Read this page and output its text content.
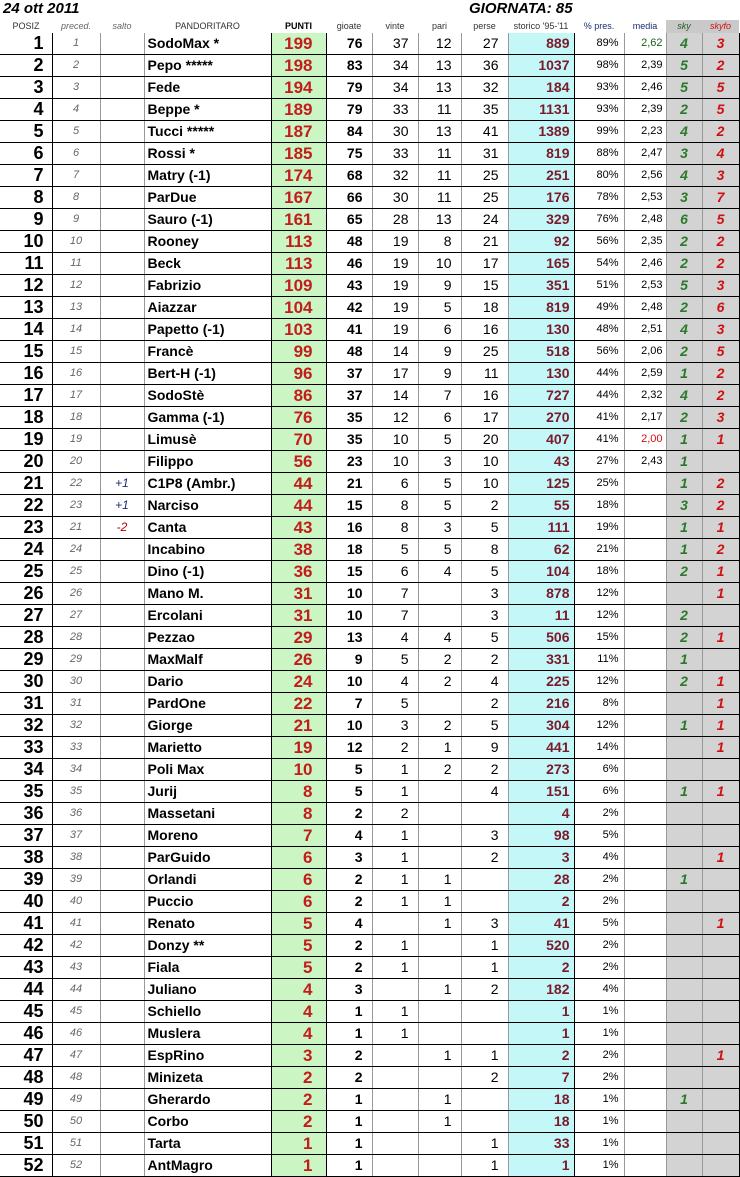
24 ott 2011	GIORNATA: 85
POSIZ	preced.	salto	PANDORITARO	PUNTI	gioate	vinte	pari	perse	storico '95-'11	% pres.	media	sky	skyfo
1	1		SodoMax *	199	76	37	12	27	889	89%	2,62	4	3
2	2		Pepo *****	198	83	34	13	36	1037	98%	2,39	5	2
3	3		Fede	194	79	34	13	32	184	93%	2,46	5	5
4	4		Beppe *	189	79	33	11	35	1131	93%	2,39	2	5
5	5		Tucci *****	187	84	30	13	41	1389	99%	2,23	4	2
6	6		Rossi *	185	75	33	11	31	819	88%	2,47	3	4
7	7		Matry (-1)	174	68	32	11	25	251	80%	2,56	4	3
8	8		ParDue	167	66	30	11	25	176	78%	2,53	3	7
9	9		Sauro (-1)	161	65	28	13	24	329	76%	2,48	6	5
10	10		Rooney	113	48	19	8	21	92	56%	2,35	2	2
11	11		Beck	113	46	19	10	17	165	54%	2,46	2	2
12	12		Fabrizio	109	43	19	9	15	351	51%	2,53	5	3
13	13		Aiazzar	104	42	19	5	18	819	49%	2,48	2	6
14	14		Papetto (-1)	103	41	19	6	16	130	48%	2,51	4	3
15	15		Francè	99	48	14	9	25	518	56%	2,06	2	5
16	16		Bert-H (-1)	96	37	17	9	11	130	44%	2,59	1	2
17	17		SodoStè	86	37	14	7	16	727	44%	2,32	4	2
18	18		Gamma (-1)	76	35	12	6	17	270	41%	2,17	2	3
19	19		Limusè	70	35	10	5	20	407	41%	2,00	1	1
20	20		Filippo	56	23	10	3	10	43	27%	2,43	1	
21	22	+1	C1P8 (Ambr.)	44	21	6	5	10	125	25%		1	2
22	23	+1	Narciso	44	15	8	5	2	55	18%		3	2
23	21	-2	Canta	43	16	8	3	5	111	19%		1	1
24	24		Incabino	38	18	5	5	8	62	21%		1	2
25	25		Dino (-1)	36	15	6	4	5	104	18%		2	1
26	26		Mano M.	31	10	7		3	878	12%			1
27	27		Ercolani	31	10	7		3	11	12%		2	
28	28		Pezzao	29	13	4	4	5	506	15%		2	1
29	29		MaxMalf	26	9	5	2	2	331	11%		1	
30	30		Dario	24	10	4	2	4	225	12%		2	1
31	31		PardOne	22	7	5		2	216	8%			1
32	32		Giorge	21	10	3	2	5	304	12%		1	1
33	33		Marietto	19	12	2	1	9	441	14%			1
34	34		Poli Max	10	5	1	2	2	273	6%			
35	35		Jurij	8	5	1		4	151	6%		1	1
36	36		Massetani	8	2	2			4	2%			
37	37		Moreno	7	4	1		3	98	5%			
38	38		ParGuido	6	3	1		2	3	4%			1
39	39		Orlandi	6	2	1	1		28	2%		1	
40	40		Puccio	6	2	1	1		2	2%			
41	41		Renato	5	4		1	3	41	5%			1
42	42		Donzy **	5	2	1		1	520	2%			
43	43		Fiala	5	2	1		1	2	2%			
44	44		Juliano	4	3		1	2	182	4%			
45	45		Schiello	4	1	1			1	1%			
46	46		Muslera	4	1	1			1	1%			
47	47		EspRino	3	2		1	1	2	2%			1
48	48		Minizeta	2	2			2	7	2%			
49	49		Gherardo	2	1		1		18	1%		1	
50	50		Corbo	2	1		1		18	1%			
51	51		Tarta	1	1			1	33	1%			
52	52		AntMagro	1	1			1	1	1%			
